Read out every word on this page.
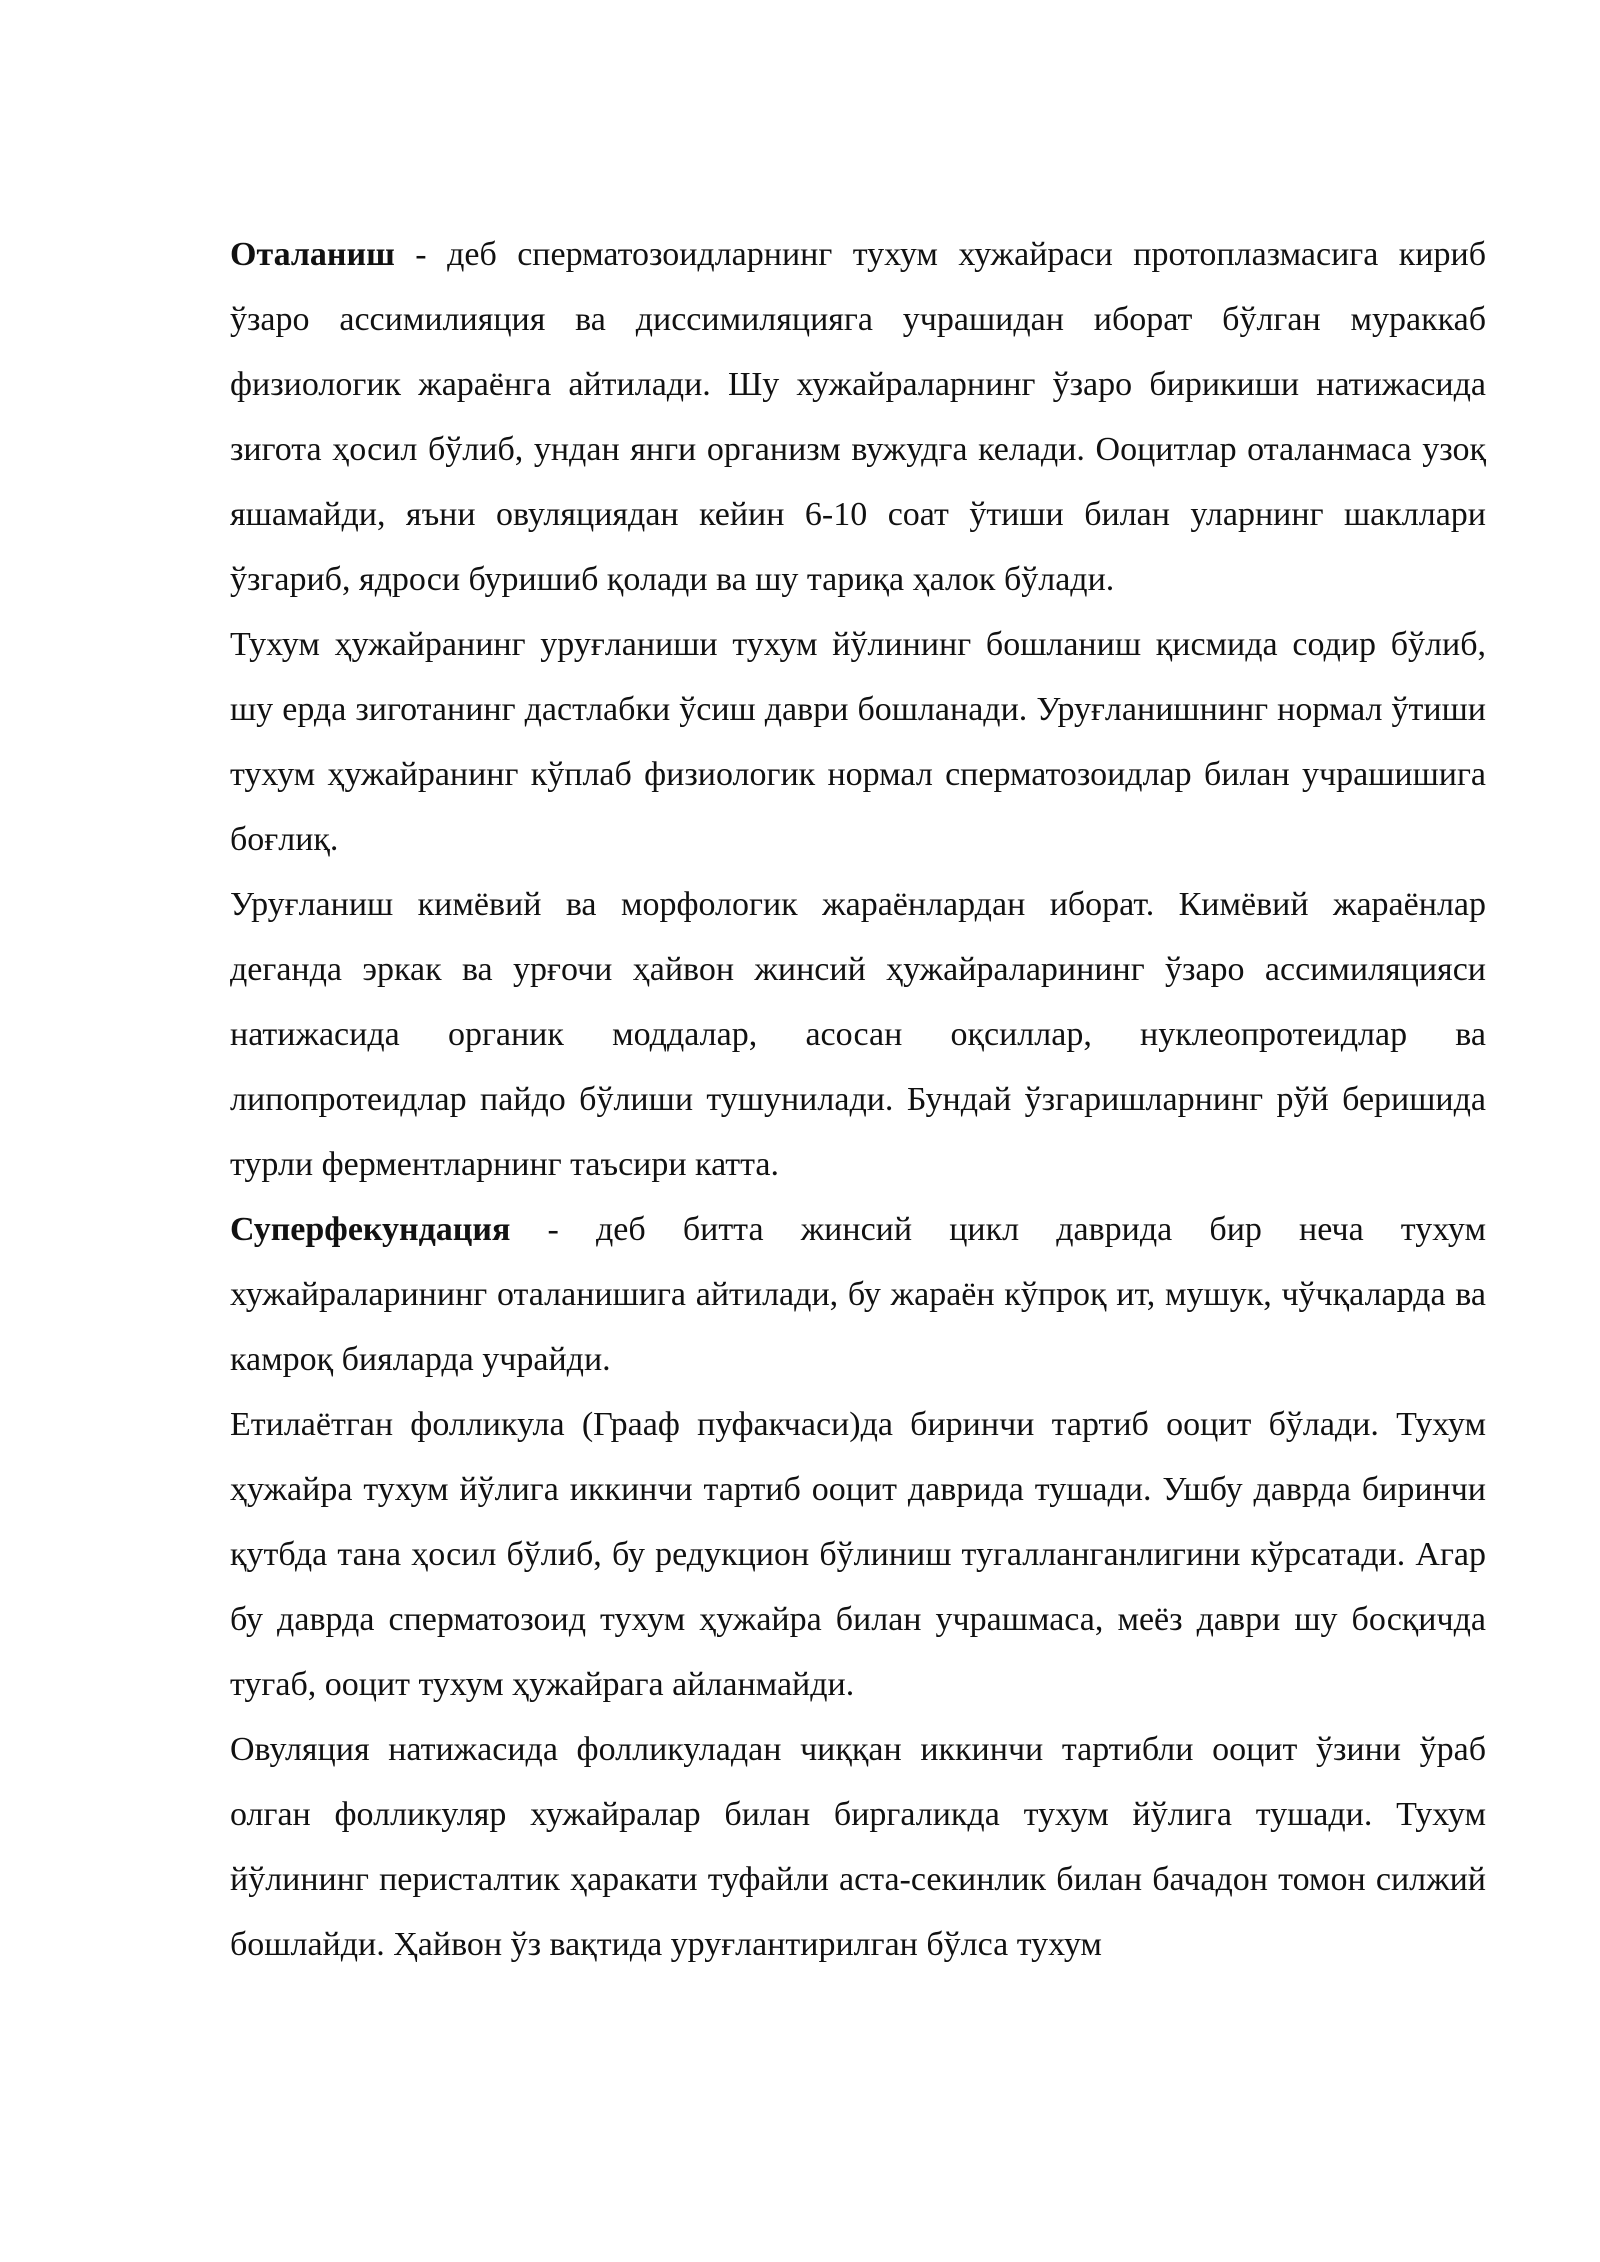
Оталаниш - деб сперматозоидларнинг тухум хужайраси протоплазмасига кириб ўзаро ассимилияция ва диссимиляцияга учрашидан иборат бўлган мураккаб физиологик жараёнга айтилади. Шу хужайраларнинг ўзаро бирикиши натижасида зигота ҳосил бўлиб, ундан янги организм вужудга келади. Ооцитлар оталанмаса узоқ яшамайди, яъни овуляциядан кейин 6-10 соат ўтиши билан уларнинг шакллари ўзгариб, ядроси буришиб қолади ва шу тариқа ҳалок бўлади.

Тухум ҳужайранинг уруғланиши тухум йўлининг бошланиш қисмида содир бўлиб, шу ерда зиготанинг дастлабки ўсиш даври бошланади. Уруғланишнинг нормал ўтиши тухум ҳужайранинг кўплаб физиологик нормал сперматозоидлар билан учрашишига боғлиқ.

Уруғланиш кимёвий ва морфологик жараёнлардан иборат. Кимёвий жараёнлар деганда эркак ва урғочи ҳайвон жинсий ҳужайраларининг ўзаро ассимиляцияси натижасида органик моддалар, асосан оқсиллар, нуклеопротеидлар ва липопротеидлар пайдо бўлиши тушунилади. Бундай ўзгаришларнинг рўй беришида турли ферментларнинг таъсири катта.

Суперфекундация - деб битта жинсий цикл даврида бир неча тухум хужайраларининг оталанишига айтилади, бу жараён кўпроқ ит, мушук, чўчқаларда ва камроқ бияларда учрайди.

Етилаётган фолликула (Грааф пуфакчаси)да биринчи тартиб ооцит бўлади. Тухум ҳужайра тухум йўлига иккинчи тартиб ооцит даврида тушади. Ушбу даврда биринчи қутбда тана ҳосил бўлиб, бу редукцион бўлиниш тугалланганлигини кўрсатади. Агар бу даврда сперматозоид тухум ҳужайра билан учрашмаса, меёз даври шу босқичда тугаб, ооцит тухум ҳужайрага айланмайди.

Овуляция натижасида фолликуладан чиққан иккинчи тартибли ооцит ўзини ўраб олган фолликуляр хужайралар билан биргаликда тухум йўлига тушади. Тухум йўлининг перисталтик ҳаракати туфайли аста-секинлик билан бачадон томон силжий бошлайди. Ҳайвон ўз вақтида уруғлантирилган бўлса тухум
